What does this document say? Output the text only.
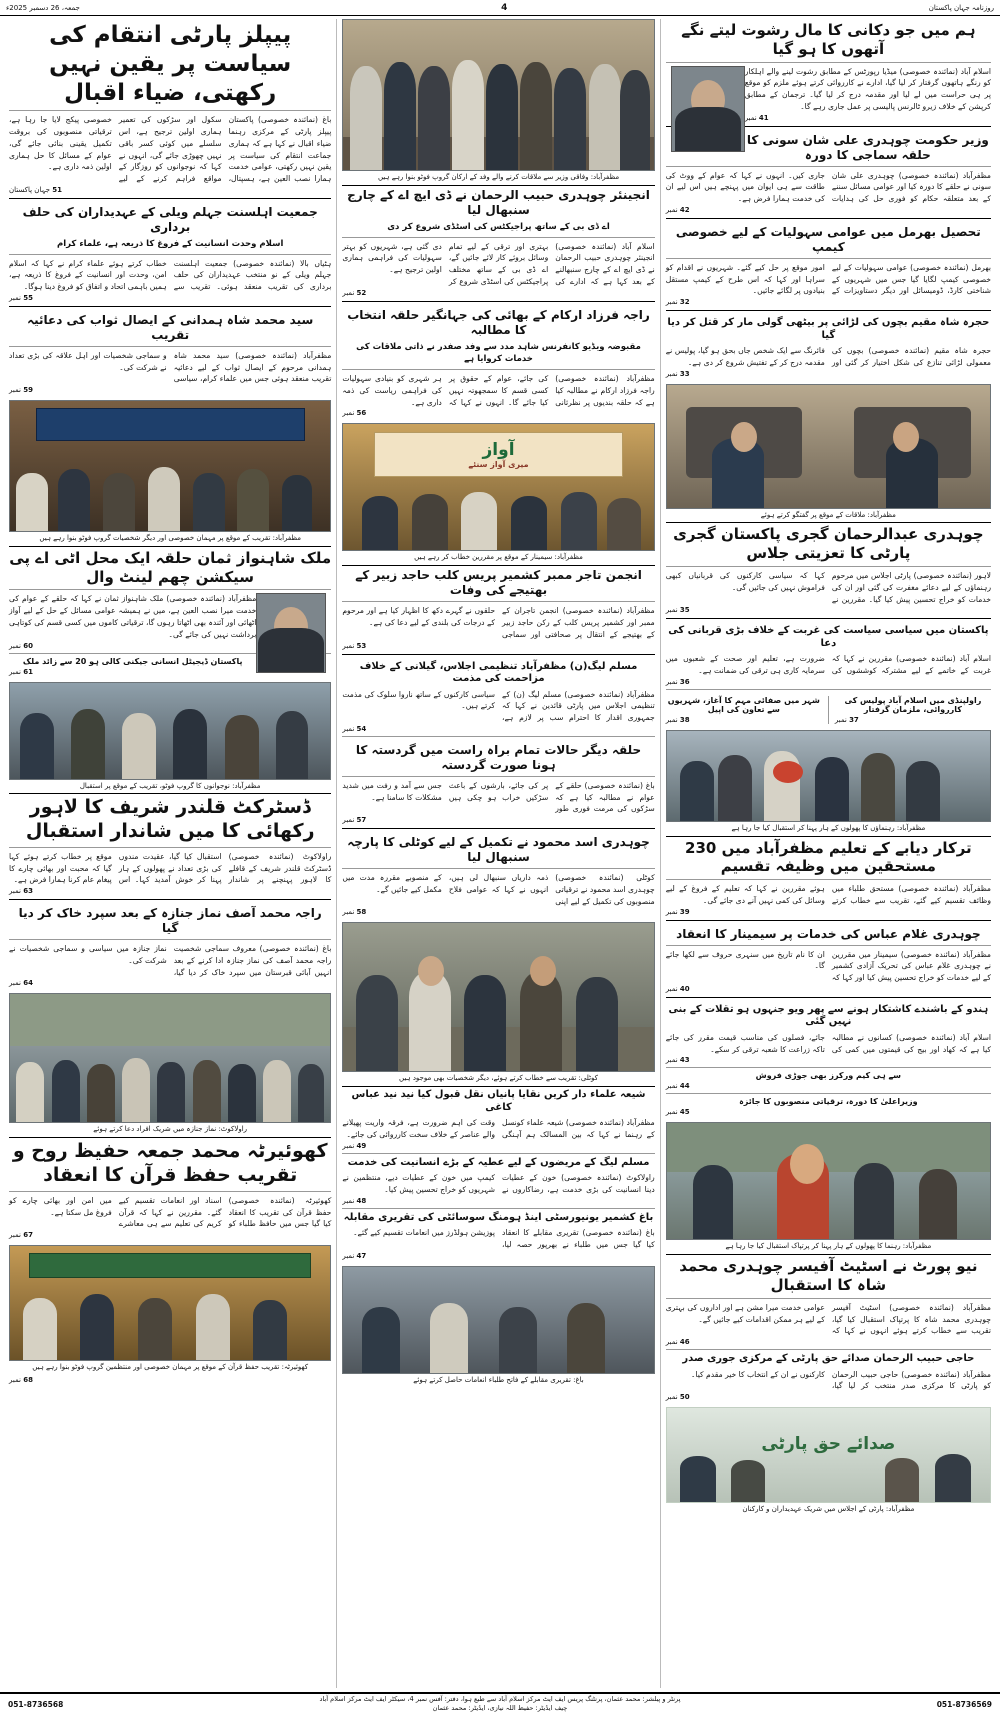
روزنامہ جہان پاکستان
4
جمعہ، 26 دسمبر 2025ء
ہم میں جو دکانی کا مال رشوت لیتے نگے آتھوں کا ہو گیا
اسلام آباد (نمائندہ خصوصی) میڈیا رپورٹس کے مطابق رشوت لینے والے اہلکار کو رنگے ہاتھوں گرفتار کر لیا گیا، ادارے نے کارروائی کرتے ہوئے ملزم کو موقع پر ہی حراست میں لے لیا اور مقدمہ درج کر لیا گیا۔ ترجمان کے مطابق کرپشن کے خلاف زیرو ٹالرنس پالیسی پر عمل جاری رہے گا۔
41 نمبر
وزیر حکومت چوہدری علی شان سونی کا حلقہ سماجی کا دورہ
مظفرآباد (نمائندہ خصوصی) چوہدری علی شان سونی نے حلقے کا دورہ کیا اور عوامی مسائل سننے کے بعد متعلقہ حکام کو فوری حل کی ہدایات جاری کیں۔ انہوں نے کہا کہ عوام کے ووٹ کی طاقت سے ہی ایوان میں پہنچے ہیں اس لیے ان کی خدمت ہمارا فرض ہے۔
42 نمبر
تحصیل بھرمل میں عوامی سہولیات کے لیے خصوصی کیمپ
بھرمل (نمائندہ خصوصی) عوامی سہولیات کے لیے خصوصی کیمپ لگایا گیا جس میں شہریوں کے شناختی کارڈ، ڈومیسائل اور دیگر دستاویزات کے امور موقع پر حل کیے گئے۔ شہریوں نے اقدام کو سراہا اور کہا کہ اس طرح کے کیمپ مستقل بنیادوں پر لگائے جائیں۔
32 نمبر
حجرہ شاہ مقیم بچوں کی لڑائی پر بیٹھی گولی مار کر قتل کر دیا گیا
حجرہ شاہ مقیم (نمائندہ خصوصی) بچوں کی معمولی لڑائی تنازع کی شکل اختیار کر گئی اور فائرنگ سے ایک شخص جاں بحق ہو گیا، پولیس نے مقدمہ درج کر کے تفتیش شروع کر دی ہے۔
33 نمبر
مظفرآباد: ملاقات کے موقع پر گفتگو کرتے ہوئے
چوہدری عبدالرحمان گجری پاکستان گجری پارٹی کا تعزیتی جلاس
لاہور (نمائندہ خصوصی) پارٹی اجلاس میں مرحوم رہنماؤں کے لیے دعائے مغفرت کی گئی اور ان کی خدمات کو خراج تحسین پیش کیا گیا۔ مقررین نے کہا کہ سیاسی کارکنوں کی قربانیاں کبھی فراموش نہیں کی جائیں گی۔
35 نمبر
پاکستان میں سیاسی سیاست کی غربت کے خلاف بڑی قربانی کی دعا
اسلام آباد (نمائندہ خصوصی) مقررین نے کہا کہ غربت کے خاتمے کے لیے مشترکہ کوششوں کی ضرورت ہے، تعلیم اور صحت کے شعبوں میں سرمایہ کاری ہی ترقی کی ضمانت ہے۔
36 نمبر
راولپنڈی میں اسلام آباد پولیس کی کارروائی، ملزمان گرفتار
37 نمبر
شہر میں صفائی مہم کا آغاز، شہریوں سے تعاون کی اپیل
38 نمبر
مظفرآباد: رہنماؤں کا پھولوں کے ہار پہنا کر استقبال کیا جا رہا ہے
ترکار دیابے کے تعلیم مظفرآباد میں 230 مستحقین میں وظیفہ تقسیم
مظفرآباد (نمائندہ خصوصی) مستحق طلباء میں وظائف تقسیم کیے گئے، تقریب سے خطاب کرتے ہوئے مقررین نے کہا کہ تعلیم کے فروغ کے لیے وسائل کی کمی نہیں آنے دی جائے گی۔
39 نمبر
چوہدری غلام عباس کی خدمات پر سیمینار کا انعقاد
مظفرآباد (نمائندہ خصوصی) سیمینار میں مقررین نے چوہدری غلام عباس کی تحریک آزادی کشمیر کے لیے خدمات کو خراج تحسین پیش کیا اور کہا کہ ان کا نام تاریخ میں سنہری حروف سے لکھا جائے گا۔
40 نمبر
ہندو کے باشندے کاشتکار ہونے سے پھر ویو جنہوں ہو تقلات کے بنی نہیں گئی
اسلام آباد (نمائندہ خصوصی) کسانوں نے مطالبہ کیا ہے کہ کھاد اور بیج کی قیمتوں میں کمی کی جائے، فصلوں کی مناسب قیمت مقرر کی جائے تاکہ زراعت کا شعبہ ترقی کر سکے۔
43 نمبر
سے ہی کیم ورکرز بھی جوڑی فروش
44 نمبر
وزیراعلیٰ کا دورہ، ترقیاتی منصوبوں کا جائزہ
45 نمبر
مظفرآباد: رہنما کا پھولوں کے ہار پہنا کر پرتپاک استقبال کیا جا رہا ہے
نیو پورٹ نے اسٹیٹ آفیسر چوہدری محمد شاہ کا استقبال
مظفرآباد (نمائندہ خصوصی) اسٹیٹ آفیسر چوہدری محمد شاہ کا پرتپاک استقبال کیا گیا، تقریب سے خطاب کرتے ہوئے انہوں نے کہا کہ عوامی خدمت میرا مشن ہے اور اداروں کی بہتری کے لیے ہر ممکن اقدامات کیے جائیں گے۔
46 نمبر
حاجی حبیب الرحمان صدائے حق پارٹی کے مرکزی جوری صدر
مظفرآباد (نمائندہ خصوصی) حاجی حبیب الرحمان کو پارٹی کا مرکزی صدر منتخب کر لیا گیا، کارکنوں نے ان کے انتخاب کا خیر مقدم کیا۔
50 نمبر
صدائے حق پارٹی
مظفرآباد: پارٹی کے اجلاس میں شریک عہدیداران و کارکنان
مظفرآباد: وفاقی وزیر سے ملاقات کرنے والے وفد کے ارکان گروپ فوٹو بنوا رہے ہیں
انجینئر چوہدری حبیب الرحمان نے ڈی ایچ اے کے چارج سنبھال لیا
اے ڈی بی کے ساتھ پراجیکٹس کی اسٹڈی شروع کر دی
اسلام آباد (نمائندہ خصوصی) انجینئر چوہدری حبیب الرحمان نے ڈی ایچ اے کے چارج سنبھالنے کے بعد کہا ہے کہ ادارے کی بہتری اور ترقی کے لیے تمام وسائل بروئے کار لائے جائیں گے، اے ڈی بی کے ساتھ مختلف پراجیکٹس کی اسٹڈی شروع کر دی گئی ہے، شہریوں کو بہتر سہولیات کی فراہمی ہماری اولین ترجیح ہے۔
52 نمبر
راجہ فرزاد ارکام کے بھائی کی جہانگیر حلقہ انتخاب کا مطالبہ
مقبوضہ ویڈیو کانفرنس شاہد مدد سے وفد صفدر نے ذاتی ملاقات کی خدمات کروایا ہے
مظفرآباد (نمائندہ خصوصی) راجہ فرزاد ارکام نے مطالبہ کیا ہے کہ حلقہ بندیوں پر نظرثانی کی جائے، عوام کے حقوق پر کسی قسم کا سمجھوتہ نہیں کیا جائے گا۔ انہوں نے کہا کہ ہر شہری کو بنیادی سہولیات کی فراہمی ریاست کی ذمہ داری ہے۔
56 نمبر
آواز
میری آواز سنئے
مظفرآباد: سیمینار کے موقع پر مقررین خطاب کر رہے ہیں
انجمن تاجر ممبر کشمیر پریس کلب حاجد زبیر کے بھتیجے کی وفات
مظفرآباد (نمائندہ خصوصی) انجمن تاجران کے ممبر اور کشمیر پریس کلب کے رکن حاجد زبیر کے بھتیجے کے انتقال پر صحافتی اور سماجی حلقوں نے گہرے دکھ کا اظہار کیا ہے اور مرحوم کے درجات کی بلندی کے لیے دعا کی ہے۔
53 نمبر
مسلم لیگ(ن) مظفرآباد تنظیمی اجلاس، گیلانی کے خلاف مزاحمت کی مذمت
مظفرآباد (نمائندہ خصوصی) مسلم لیگ (ن) کے تنظیمی اجلاس میں پارٹی قائدین نے کہا کہ جمہوری اقدار کا احترام سب پر لازم ہے، سیاسی کارکنوں کے ساتھ ناروا سلوک کی مذمت کرتے ہیں۔
54 نمبر
حلقہ دیگر حالات تمام براہ راست میں گردستہ کا ہونا صورت گردستہ
باغ (نمائندہ خصوصی) حلقے کے عوام نے مطالبہ کیا ہے کہ سڑکوں کی مرمت فوری طور پر کی جائے، بارشوں کے باعث سڑکیں خراب ہو چکی ہیں جس سے آمد و رفت میں شدید مشکلات کا سامنا ہے۔
57 نمبر
چوہدری اسد محمود نے تکمیل کے لیے کوٹلی کا پارچہ سنبھال لیا
کوٹلی (نمائندہ خصوصی) چوہدری اسد محمود نے ترقیاتی منصوبوں کی تکمیل کے لیے اپنی ذمہ داریاں سنبھال لی ہیں، انہوں نے کہا کہ عوامی فلاح کے منصوبے مقررہ مدت میں مکمل کیے جائیں گے۔
58 نمبر
کوٹلی: تقریب سے خطاب کرتے ہوئے، دیگر شخصیات بھی موجود ہیں
شیعہ علماء دار کریں نقایا پانیاں نقل قبول کیا نید نید عباس کاغی
مظفرآباد (نمائندہ خصوصی) شیعہ علماء کونسل کے رہنما نے کہا کہ بین المسالک ہم آہنگی وقت کی اہم ضرورت ہے، فرقہ واریت پھیلانے والے عناصر کے خلاف سخت کارروائی کی جائے۔
49 نمبر
مسلم لیگ کے مریضوں کے لیے عطیہ کے بڑے انسانیت کی خدمت
راولاکوٹ (نمائندہ خصوصی) خون کے عطیات دینا انسانیت کی بڑی خدمت ہے، رضاکاروں نے کیمپ میں خون کے عطیات دیے، منتظمین نے شہریوں کو خراج تحسین پیش کیا۔
48 نمبر
باغ کشمیر یونیورسٹی اینڈ ہومنگ سوسائٹی کی تقریری مقابلہ
باغ (نمائندہ خصوصی) تقریری مقابلے کا انعقاد کیا گیا جس میں طلباء نے بھرپور حصہ لیا، پوزیشن ہولڈرز میں انعامات تقسیم کیے گئے۔
47 نمبر
باغ: تقریری مقابلے کے فاتح طلباء انعامات حاصل کرتے ہوئے
پیپلز پارٹی انتقام کی سیاست پر یقین نہیں رکھتی، ضیاء اقبال
باغ (نمائندہ خصوصی) پاکستان پیپلز پارٹی کے مرکزی رہنما ضیاء اقبال نے کہا ہے کہ ہماری جماعت انتقام کی سیاست پر یقین نہیں رکھتی، عوامی خدمت ہمارا نصب العین ہے، ہسپتال، سکول اور سڑکوں کی تعمیر ہماری اولین ترجیح ہے، اس سلسلے میں کوئی کسر باقی نہیں چھوڑی جائے گی، انہوں نے کہا کہ نوجوانوں کو روزگار کے مواقع فراہم کرنے کے لیے خصوصی پیکج لایا جا رہا ہے، ترقیاتی منصوبوں کی بروقت تکمیل یقینی بنائی جائے گی، عوام کے مسائل کا حل ہماری اولین ذمہ داری ہے۔
51 جہان پاکستان
جمعیت اہلسنت جہلم ویلی کے عہدیداران کی حلف برداری
اسلام وحدت انسانیت کے فروغ کا ذریعہ ہے، علماء کرام
ہٹیاں بالا (نمائندہ خصوصی) جمعیت اہلسنت جہلم ویلی کے نو منتخب عہدیداران کی حلف برداری کی تقریب منعقد ہوئی۔ تقریب سے خطاب کرتے ہوئے علماء کرام نے کہا کہ اسلام امن، وحدت اور انسانیت کے فروغ کا ذریعہ ہے، ہمیں باہمی اتحاد و اتفاق کو فروغ دینا ہوگا۔
55 نمبر
سید محمد شاہ ہمدانی کے ایصال ثواب کی دعائیہ تقریب
مظفرآباد (نمائندہ خصوصی) سید محمد شاہ ہمدانی مرحوم کے ایصال ثواب کے لیے دعائیہ تقریب منعقد ہوئی جس میں علماء کرام، سیاسی و سماجی شخصیات اور اہل علاقہ کی بڑی تعداد نے شرکت کی۔
59 نمبر
مظفرآباد: تقریب کے موقع پر مہمان خصوصی اور دیگر شخصیات گروپ فوٹو بنوا رہے ہیں
ملک شاہنواز ثمان حلقہ ایک محل اٹی اے پی سیکشن چھم لینٹ وال
مظفرآباد (نمائندہ خصوصی) ملک شاہنواز ثمان نے کہا کہ حلقے کے عوام کی خدمت میرا نصب العین ہے، میں نے ہمیشہ عوامی مسائل کے حل کے لیے آواز اٹھائی اور آئندہ بھی اٹھاتا رہوں گا، ترقیاتی کاموں میں کسی قسم کی کوتاہی برداشت نہیں کی جائے گی۔
60 نمبر
پاکستان ڈیجیٹل انسانی جیکنی کالی ہو 20 سے زائد ملک
61 نمبر
مظفرآباد: نوجوانوں کا گروپ فوٹو، تقریب کے موقع پر استقبال
ڈسٹرکٹ قلندر شریف کا لاہور رکھائی کا میں شاندار استقبال
راولاکوٹ (نمائندہ خصوصی) ڈسٹرکٹ قلندر شریف کے قافلے کا لاہور پہنچنے پر شاندار استقبال کیا گیا، عقیدت مندوں کی بڑی تعداد نے پھولوں کے ہار پہنا کر خوش آمدید کہا۔ اس موقع پر خطاب کرتے ہوئے کہا گیا کہ محبت اور بھائی چارے کا پیغام عام کرنا ہمارا فرض ہے۔
63 نمبر
راجہ محمد آصف نماز جنازہ کے بعد سپرد خاک کر دیا گیا
باغ (نمائندہ خصوصی) معروف سماجی شخصیت راجہ محمد آصف کی نماز جنازہ ادا کرنے کے بعد انہیں آبائی قبرستان میں سپرد خاک کر دیا گیا، نماز جنازہ میں سیاسی و سماجی شخصیات نے شرکت کی۔
64 نمبر
راولاکوٹ: نماز جنازہ میں شریک افراد دعا کرتے ہوئے
کھوئیرٹہ محمد جمعہ حفیظ روح و تقریب حفظ قرآن کا انعقاد
کھوئیرٹہ (نمائندہ خصوصی) حفظ قرآن کی تقریب کا انعقاد کیا گیا جس میں حافظ طلباء کو اسناد اور انعامات تقسیم کیے گئے۔ مقررین نے کہا کہ قرآن کریم کی تعلیم سے ہی معاشرے میں امن اور بھائی چارے کو فروغ مل سکتا ہے۔
67 نمبر
کھوئیرٹہ: تقریب حفظ قرآن کے موقع پر مہمان خصوصی اور منتظمین گروپ فوٹو بنوا رہے ہیں
68 نمبر
051-8736569
پرنٹر و پبلشر: محمد عثمان، پرنٹنگ پریس ایف ایٹ مرکز اسلام آباد سے طبع ہوا، دفتر: آفس نمبر 4، سیکٹر ایف ایٹ مرکز اسلام آباد
چیف ایڈیٹر: حفیظ اللہ نیازی، ایڈیٹر: محمد عثمان
051-8736568
